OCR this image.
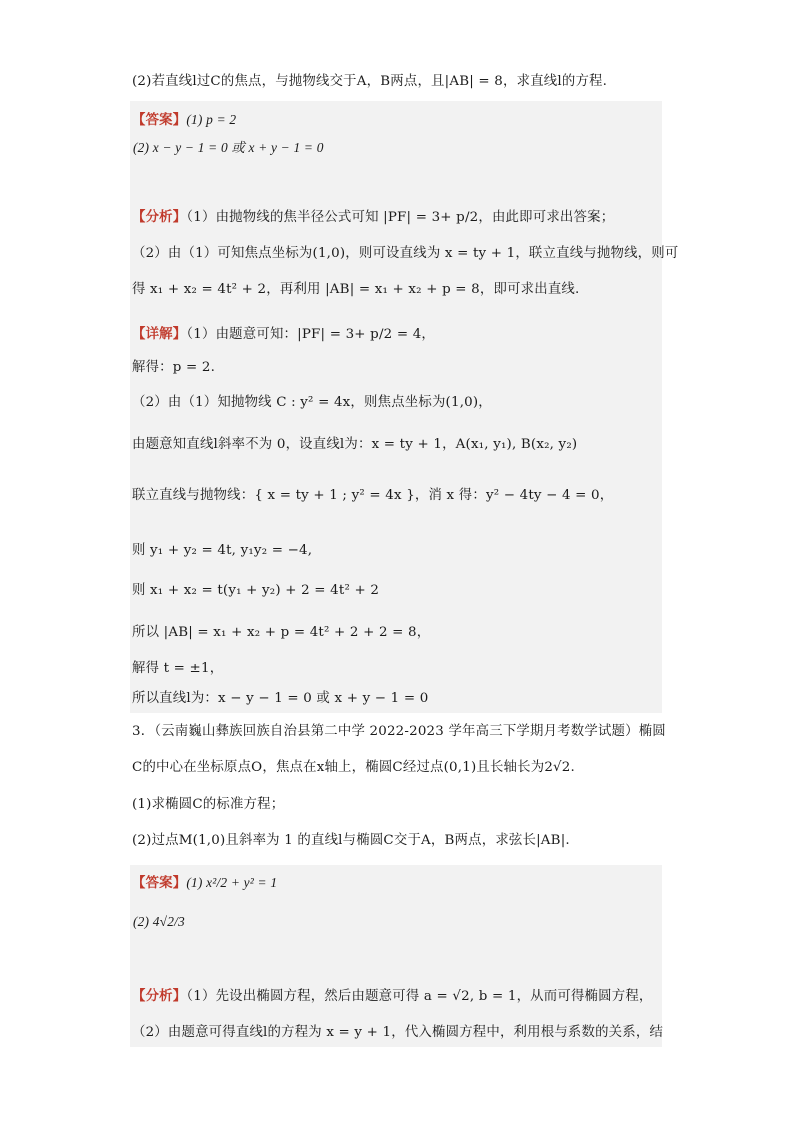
(2)若直线l过C的焦点，与抛物线交于A，B两点，且|AB| = 8，求直线l的方程.
【答案】(1) p = 2
(2) x − y − 1 = 0 或 x + y − 1 = 0
【分析】（1）由抛物线的焦半径公式可知 |PF| = 3+ p/2，由此即可求出答案；
（2）由（1）可知焦点坐标为(1,0)，则可设直线为 x = ty + 1，联立直线与抛物线，则可
得 x₁ + x₂ = 4t² + 2，再利用 |AB| = x₁ + x₂ + p = 8，即可求出直线.
【详解】（1）由题意可知：|PF| = 3+ p/2 = 4，
解得：p = 2.
（2）由（1）知抛物线 C : y² = 4x，则焦点坐标为(1,0)，
由题意知直线l斜率不为 0，设直线l为：x = ty + 1，A(x₁, y₁), B(x₂, y₂)
联立直线与抛物线：{ x = ty + 1 ; y² = 4x }，消 x 得：y² − 4ty − 4 = 0，
则 y₁ + y₂ = 4t, y₁y₂ = −4,
则 x₁ + x₂ = t(y₁ + y₂) + 2 = 4t² + 2
所以 |AB| = x₁ + x₂ + p = 4t² + 2 + 2 = 8，
解得 t = ±1，
所以直线l为：x − y − 1 = 0 或 x + y − 1 = 0
3．（云南巍山彝族回族自治县第二中学 2022-2023 学年高三下学期月考数学试题）椭圆
C的中心在坐标原点O，焦点在x轴上，椭圆C经过点(0,1)且长轴长为2√2.
(1)求椭圆C的标准方程；
(2)过点M(1,0)且斜率为 1 的直线l与椭圆C交于A，B两点，求弦长|AB|.
【答案】(1) x²/2 + y² = 1
(2) 4√2/3
【分析】（1）先设出椭圆方程，然后由题意可得 a = √2, b = 1，从而可得椭圆方程，
（2）由题意可得直线l的方程为 x = y + 1，代入椭圆方程中，利用根与系数的关系，结
